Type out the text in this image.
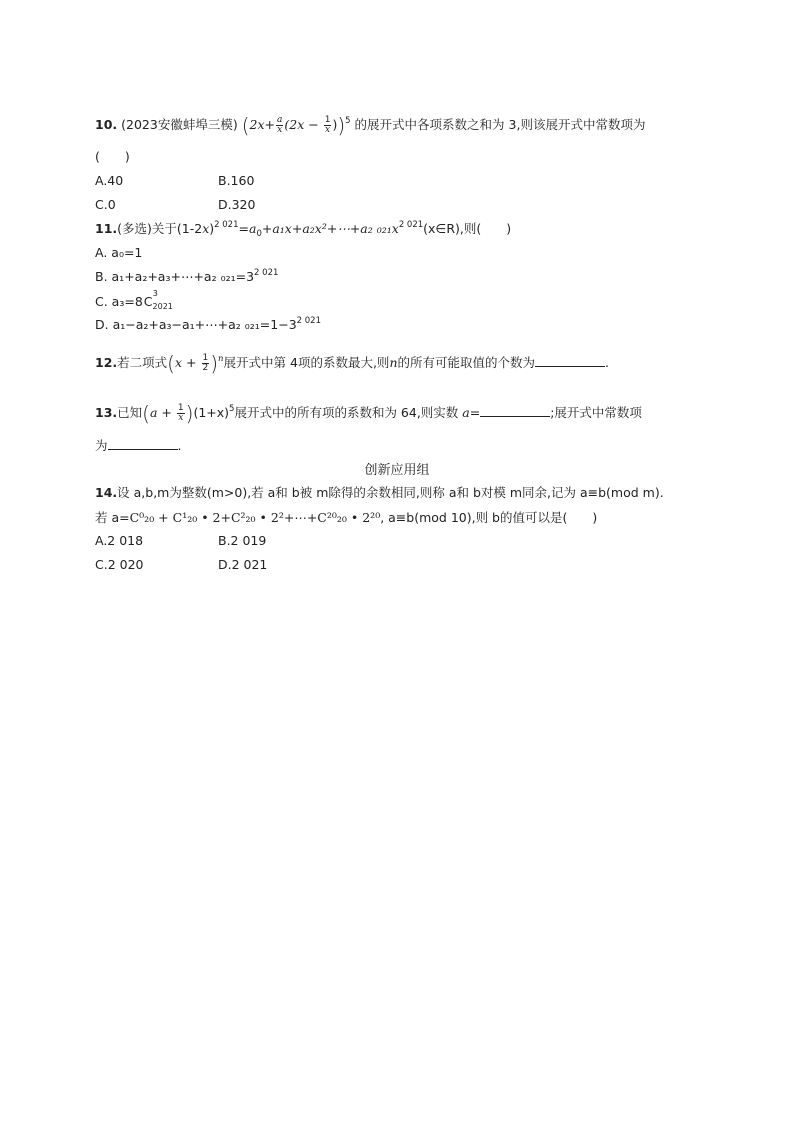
10. (2023安徽蚌埠三模) $(2x+ \frac{a}{x} (2x - \frac{1}{x} ))^5$ 的展开式中各项系数之和为 3,则该展开式中常数项为
(　　)
A.40	B.160
C.0	D.320
11.(多选)关于$(1-2x)^{2 021}=a_0+a_1x+a_2x^2+\cdots+a_2$ $_{021}x^{2 021}(x\in R)$,则(　　)
A. a₀=1
B. a₁+a₂+a₃+⋯+a₂ $_{021}=3^{2 021}$
C. a₃=8C
3
$_{2021}$
D. a₁−a₂+a₃−a₁+⋯+a₂ $_{021}=1-3^{2 021}$
12.若二项式$(x + \frac{1}{2} )^n$展开式中第 4项的系数最大,则n的所有可能取值的个数为	.
13.已知$(a + \frac{1}{x} )(1+x)^5$展开式中的所有项的系数和为 64,则实数 a=	;展开式中常数项
为	.
创新应用组
14.设 a,b,m为整数(m>0),若 a和 b被 m除得的余数相同,则称 a和 b对模 m同余,记为 a≡b(mod m).
若 a=C⁰₂₀ + C¹₂₀ • 2+C²₂₀ • 2²+⋯+C²⁰₂₀ • 2²⁰, a≡b(mod 10),则 b的值可以是(　　)
A.2 018	B.2 019
C.2 020	D.2 021
